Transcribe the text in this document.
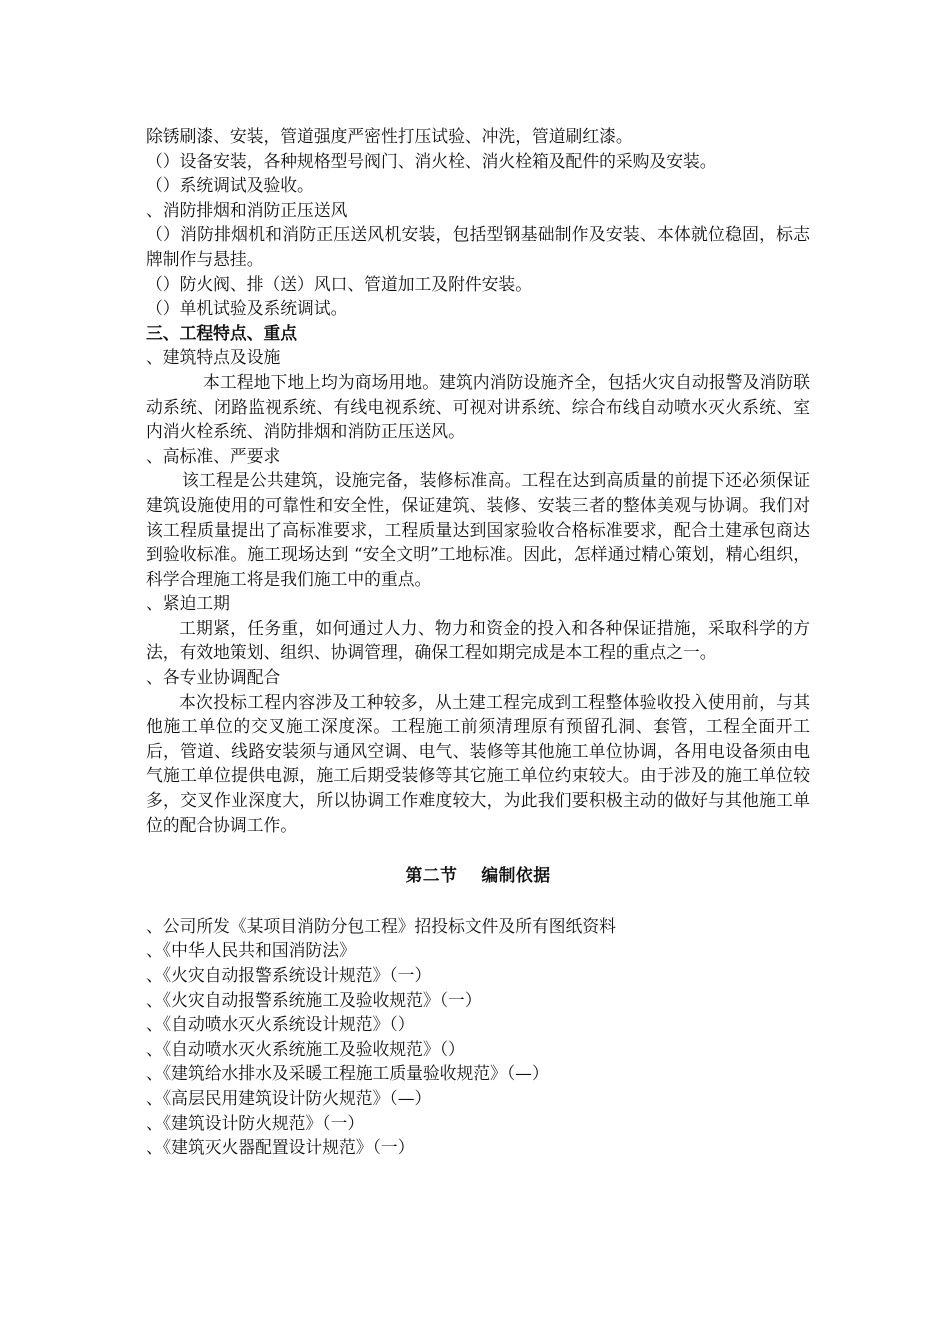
除锈刷漆、安装，管道强度严密性打压试验、冲洗，管道刷红漆。
（）设备安装，各种规格型号阀门、消火栓、消火栓箱及配件的采购及安装。
（）系统调试及验收。
、消防排烟和消防正压送风
（）消防排烟机和消防正压送风机安装，包括型钢基础制作及安装、本体就位稳固，标志牌制作与悬挂。
（）防火阀、排（送）风口、管道加工及附件安装。
（）单机试验及系统调试。
三、工程特点、重点
、建筑特点及设施
本工程地下地上均为商场用地。建筑内消防设施齐全，包括火灾自动报警及消防联动系统、闭路监视系统、有线电视系统、可视对讲系统、综合布线自动喷水灭火系统、室内消火栓系统、消防排烟和消防正压送风。
、高标准、严要求
该工程是公共建筑，设施完备，装修标准高。工程在达到高质量的前提下还必须保证建筑设施使用的可靠性和安全性，保证建筑、装修、安装三者的整体美观与协调。我们对该工程质量提出了高标准要求，工程质量达到国家验收合格标准要求，配合土建承包商达到验收标准。施工现场达到 “安全文明”工地标准。因此，怎样通过精心策划，精心组织，科学合理施工将是我们施工中的重点。
、紧迫工期
工期紧，任务重，如何通过人力、物力和资金的投入和各种保证措施，采取科学的方法，有效地策划、组织、协调管理，确保工程如期完成是本工程的重点之一。
、各专业协调配合
本次投标工程内容涉及工种较多，从土建工程完成到工程整体验收投入使用前，与其他施工单位的交叉施工深度深。工程施工前须清理原有预留孔洞、套管，工程全面开工后，管道、线路安装须与通风空调、电气、装修等其他施工单位协调，各用电设备须由电气施工单位提供电源，施工后期受装修等其它施工单位约束较大。由于涉及的施工单位较多，交叉作业深度大，所以协调工作难度较大，为此我们要积极主动的做好与其他施工单位的配合协调工作。
第二节 编制依据
、公司所发《某项目消防分包工程》招投标文件及所有图纸资料
、《中华人民共和国消防法》
、《火灾自动报警系统设计规范》（一）
、《火灾自动报警系统施工及验收规范》（一）
、《自动喷水灭火系统设计规范》（）
、《自动喷水灭火系统施工及验收规范》（）
、《建筑给水排水及采暖工程施工质量验收规范》（—）
、《高层民用建筑设计防火规范》（—）
、《建筑设计防火规范》（一）
、《建筑灭火器配置设计规范》（一）
